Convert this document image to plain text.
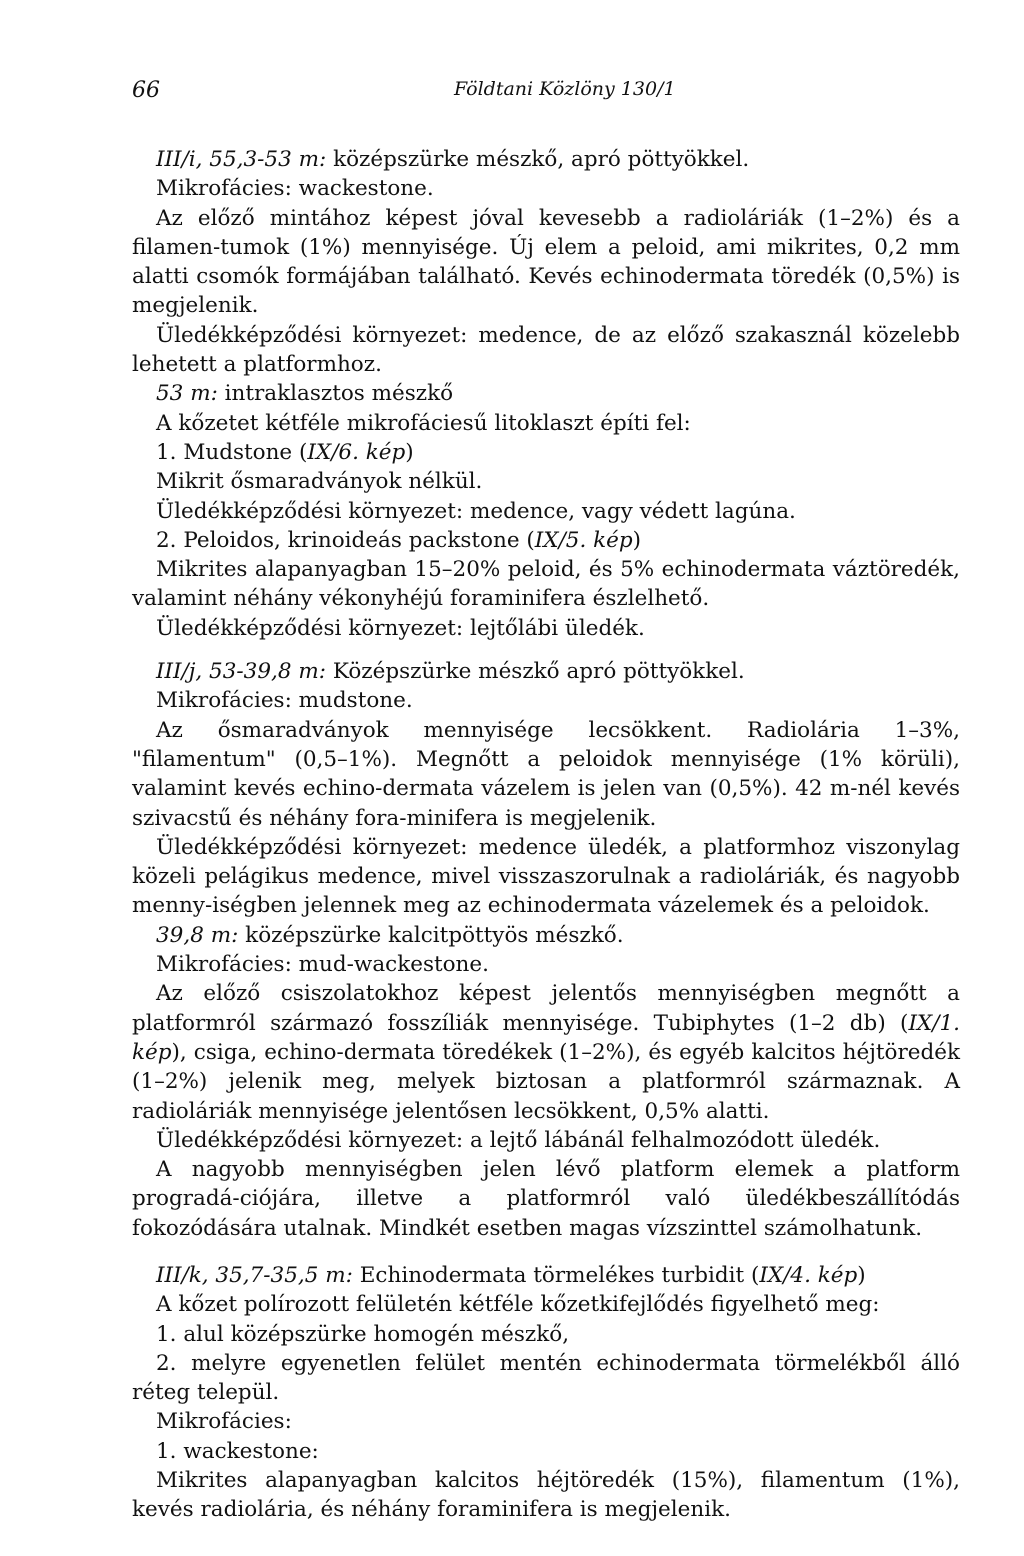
66	Földtani Közlöny 130/1

III/i, 55,3-53 m: középszürke mészkő, apró pöttyökkel.

Mikrofácies: wackestone.

Az előző mintához képest jóval kevesebb a radioláriák (1–2%) és a filamen-tumok (1%) mennyisége. Új elem a peloid, ami mikrites, 0,2 mm alatti csomók formájában található. Kevés echinodermata töredék (0,5%) is megjelenik.

Üledékképződési környezet: medence, de az előző szakasznál közelebb lehetett a platformhoz.

53 m: intraklasztos mészkő

A kőzetet kétféle mikrofáciesű litoklaszt építi fel:

1. Mudstone (IX/6. kép)

Mikrit ősmaradványok nélkül.

Üledékképződési környezet: medence, vagy védett lagúna.

2. Peloidos, krinoideás packstone (IX/5. kép)

Mikrites alapanyagban 15–20% peloid, és 5% echinodermata váztöredék, valamint néhány vékonyhéjú foraminifera észlelhető.

Üledékképződési környezet: lejtőlábi üledék.

III/j, 53-39,8 m: Középszürke mészkő apró pöttyökkel.

Mikrofácies: mudstone.

Az ősmaradványok mennyisége lecsökkent. Radiolária 1–3%, "filamentum" (0,5–1%). Megnőtt a peloidok mennyisége (1% körüli), valamint kevés echino-dermata vázelem is jelen van (0,5%). 42 m-nél kevés szivacstű és néhány fora-minifera is megjelenik.

Üledékképződési környezet: medence üledék, a platformhoz viszonylag közeli pelágikus medence, mivel visszaszorulnak a radioláriák, és nagyobb menny-iségben jelennek meg az echinodermata vázelemek és a peloidok.

39,8 m: középszürke kalcitpöttyös mészkő.

Mikrofácies: mud-wackestone.

Az előző csiszolatokhoz képest jelentős mennyiségben megnőtt a platformról származó fosszíliák mennyisége. Tubiphytes (1–2 db) (IX/1. kép), csiga, echino-dermata töredékek (1–2%), és egyéb kalcitos héjtöredék (1–2%) jelenik meg, melyek biztosan a platformról származnak. A radioláriák mennyisége jelentősen lecsökkent, 0,5% alatti.

Üledékképződési környezet: a lejtő lábánál felhalmozódott üledék.

A nagyobb mennyiségben jelen lévő platform elemek a platform progradá-ciójára, illetve a platformról való üledékbeszállítódás fokozódására utalnak. Mindkét esetben magas vízszinttel számolhatunk.

III/k, 35,7-35,5 m: Echinodermata törmelékes turbidit (IX/4. kép)

A kőzet polírozott felületén kétféle kőzetkifejlődés figyelhető meg:

1. alul középszürke homogén mészkő,

2. melyre egyenetlen felület mentén echinodermata törmelékből álló réteg települ.

Mikrofácies:

1. wackestone:

Mikrites alapanyagban kalcitos héjtöredék (15%), filamentum (1%), kevés radiolária, és néhány foraminifera is megjelenik.
